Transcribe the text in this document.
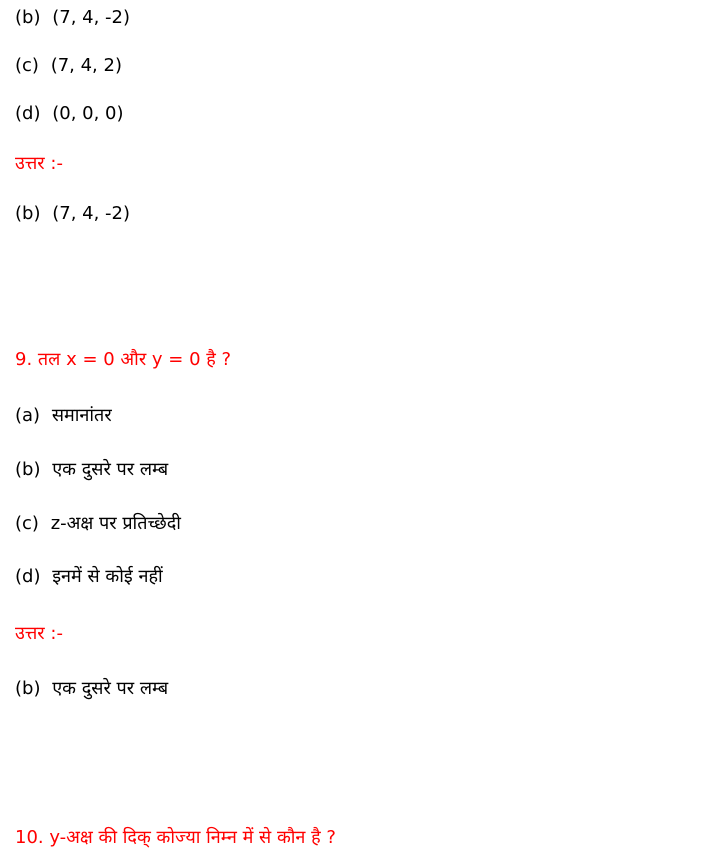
(b) (7, 4, -2)
(c) (7, 4, 2)
(d) (0, 0, 0)
उत्तर :-
(b) (7, 4, -2)
9. तल x = 0 और y = 0 है ?
(a) समानांतर
(b) एक दुसरे पर लम्ब
(c) z-अक्ष पर प्रतिच्छेदी
(d) इनमें से कोई नहीं
उत्तर :-
(b) एक दुसरे पर लम्ब
10. y-अक्ष की दिक् कोज्या निम्न में से कौन है ?
